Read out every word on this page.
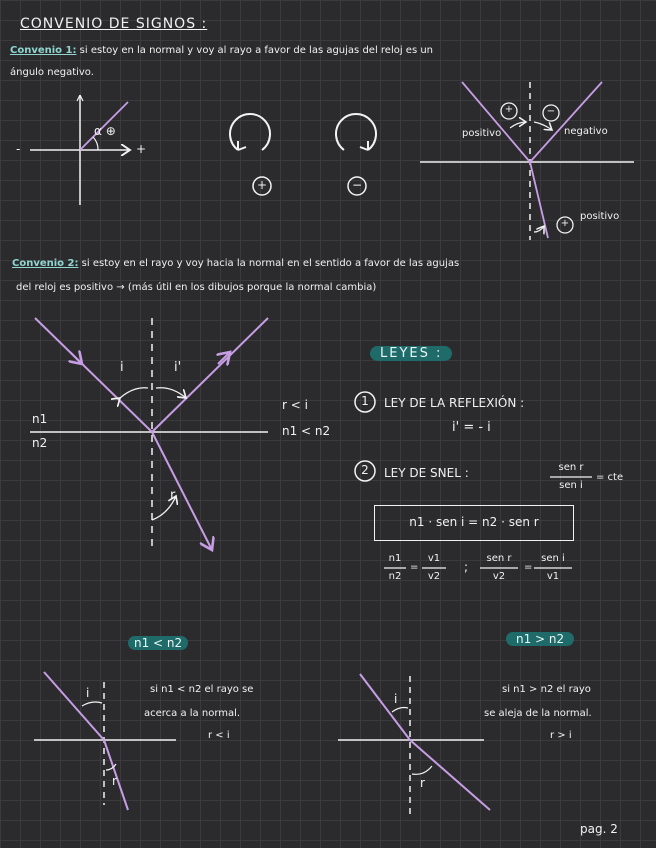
CONVENIO DE SIGNOS :
Convenio 1: si estoy en la normal y voy al rayo a favor de las agujas del reloj es un
ángulo negativo.
α ⊕
+
-
+	−
positivo	negativo
positivo
+	−
+
Convenio 2: si estoy en el rayo y voy hacia la normal en el sentido a favor de las agujas
del reloj es positivo → (más útil en los dibujos porque la normal cambia)
i	i'
r
n1
n2
r < i
n1 < n2
LEYES :
1 LEY DE LA REFLEXIÓN :
i' = - i
2 LEY DE SNEL :	sen r
sen i
= cte
n1 · sen i = n2 · sen r
n1
n2
=
v1
v2
;
sen r
v2
=
sen i
v1
n1 < n2
si n1 < n2 el rayo se
acerca a la normal.
r < i
i
r
n1 > n2
si n1 > n2 el rayo
se aleja de la normal.
r > i
i
r
pag. 2
